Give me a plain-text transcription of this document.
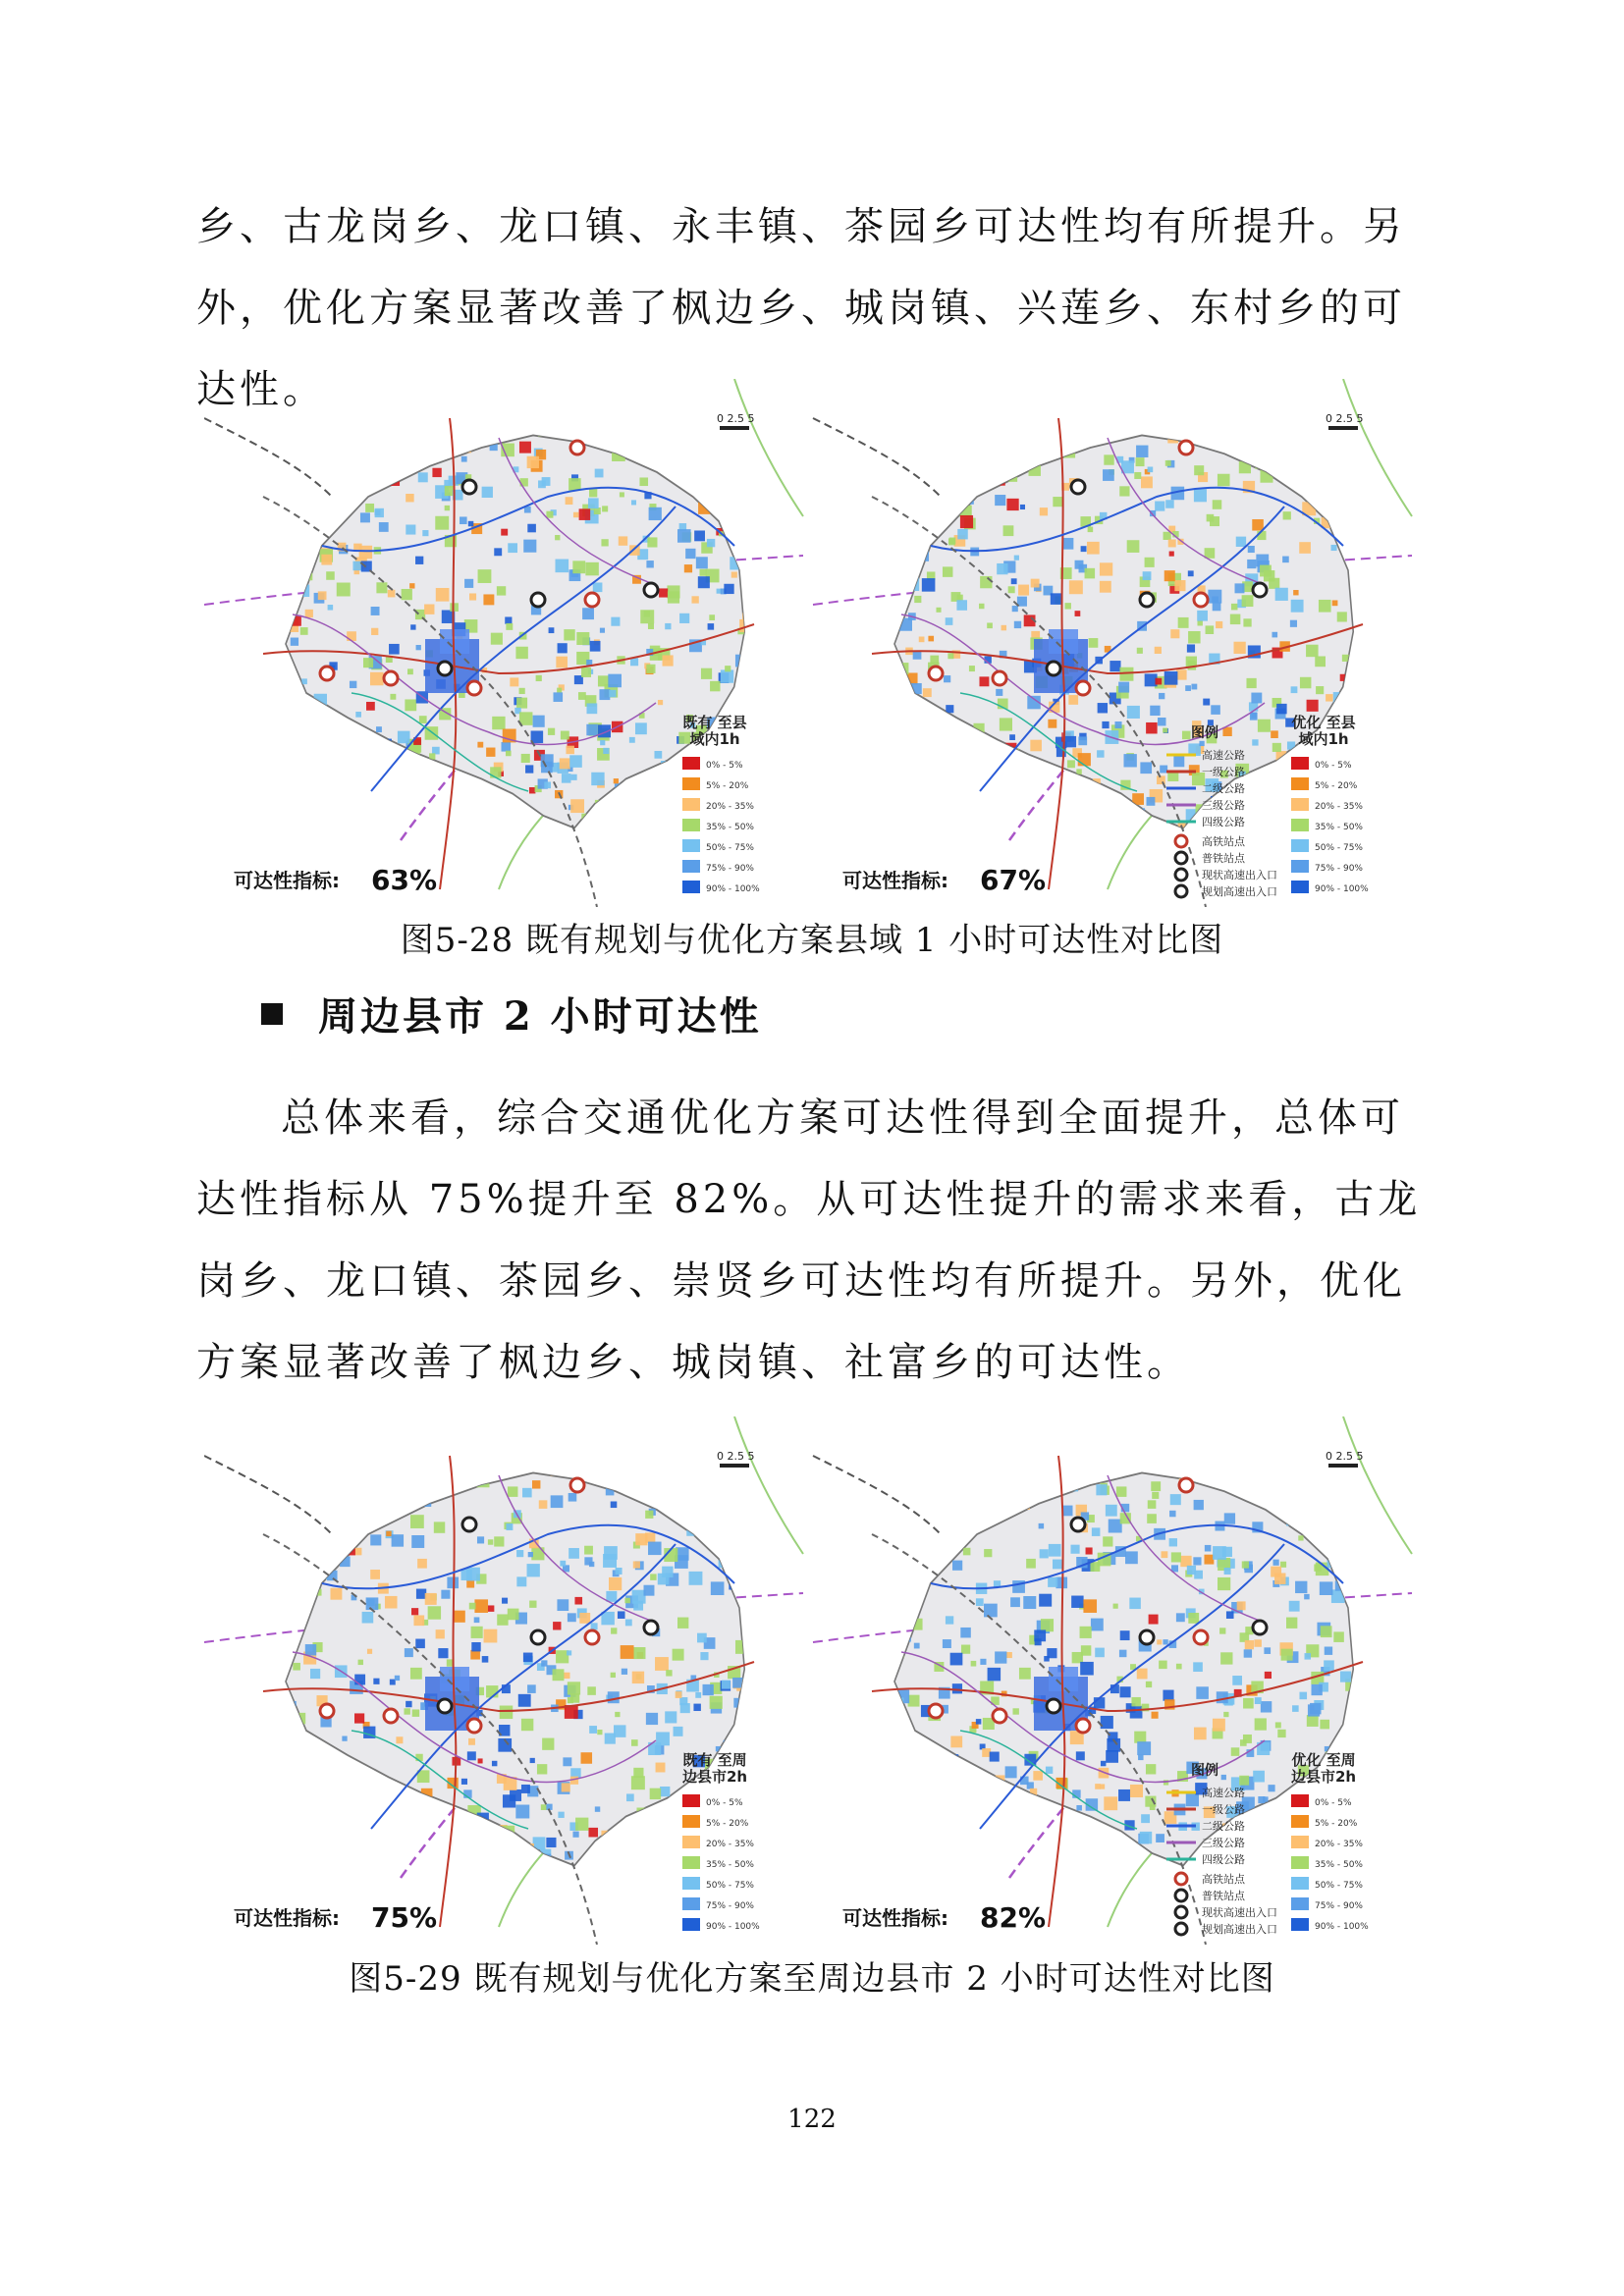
乡、古龙岗乡、龙口镇、永丰镇、茶园乡可达性均有所提升。另外，优化方案显著改善了枫边乡、城岗镇、兴莲乡、东村乡的可达性。

0 2.5 5
既有 至县
域内1h
0% - 5%
5% - 20%
20% - 35%
35% - 50%
50% - 75%
75% - 90%
90% - 100%
可达性指标: 63%
0 2.5 5
优化 至县
域内1h
0% - 5%
5% - 20%
20% - 35%
35% - 50%
50% - 75%
75% - 90%
90% - 100%
图例
高速公路
一级公路
二级公路
三级公路
四级公路
高铁站点
普铁站点
现状高速出入口
规划高速出入口
可达性指标: 67%

图5-28 既有规划与优化方案县域 1 小时可达性对比图

周边县市 2 小时可达性

总体来看，综合交通优化方案可达性得到全面提升，总体可达性指标从 75%提升至 82%。从可达性提升的需求来看，古龙岗乡、龙口镇、茶园乡、崇贤乡可达性均有所提升。另外，优化方案显著改善了枫边乡、城岗镇、社富乡的可达性。

0 2.5 5
既有 至周
边县市2h
0% - 5%
5% - 20%
20% - 35%
35% - 50%
50% - 75%
75% - 90%
90% - 100%
可达性指标: 75%
0 2.5 5
优化 至周
边县市2h
0% - 5%
5% - 20%
20% - 35%
35% - 50%
50% - 75%
75% - 90%
90% - 100%
图例
高速公路
一级公路
二级公路
三级公路
四级公路
高铁站点
普铁站点
现状高速出入口
规划高速出入口
可达性指标: 82%

图5-29 既有规划与优化方案至周边县市 2 小时可达性对比图

122
